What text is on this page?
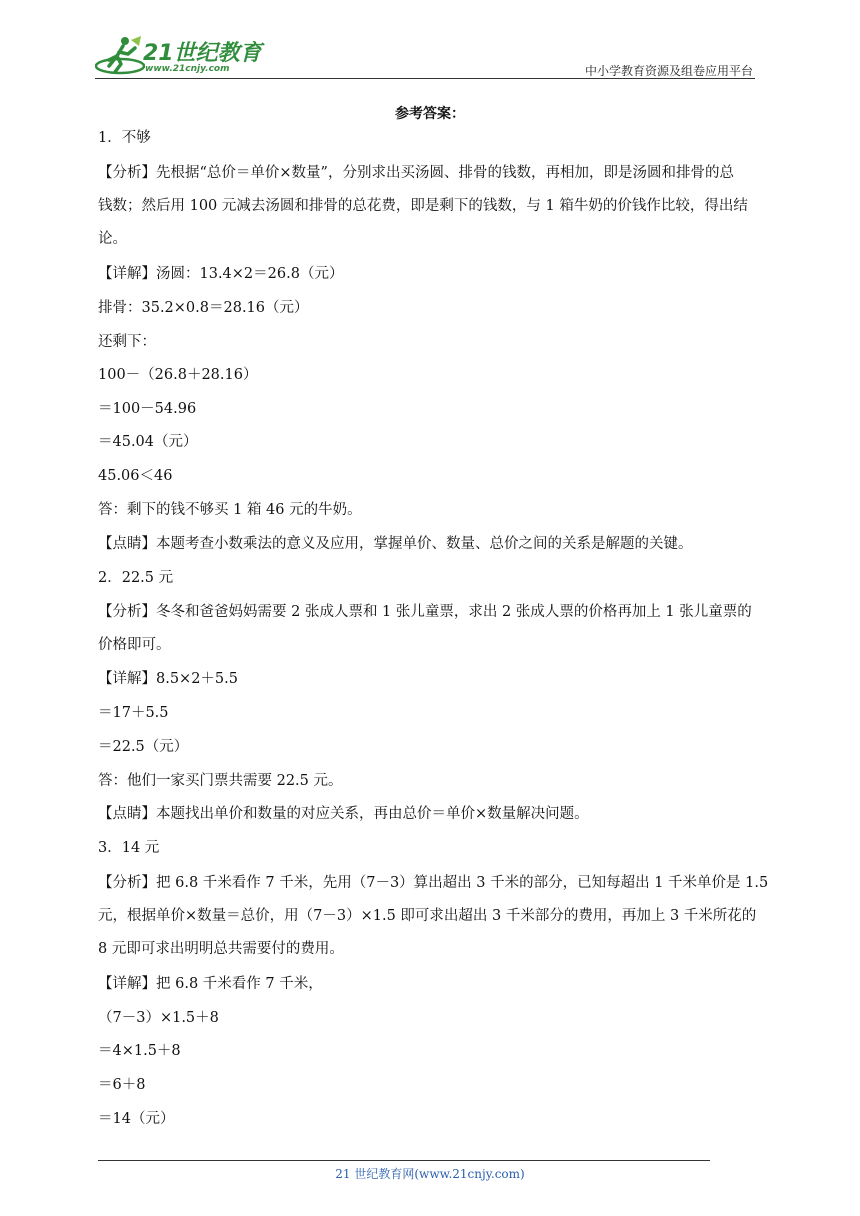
21世纪教育
www.21cnjy.com	中小学教育资源及组卷应用平台
参考答案：
1．不够
【分析】先根据“总价＝单价×数量”，分别求出买汤圆、排骨的钱数，再相加，即是汤圆和排骨的总
钱数；然后用 100 元减去汤圆和排骨的总花费，即是剩下的钱数，与 1 箱牛奶的价钱作比较，得出结
论。
【详解】汤圆：13.4×2＝26.8（元）
排骨：35.2×0.8＝28.16（元）
还剩下：
100－（26.8＋28.16）
＝100－54.96
＝45.04（元）
45.06＜46
答：剩下的钱不够买 1 箱 46 元的牛奶。
【点睛】本题考查小数乘法的意义及应用，掌握单价、数量、总价之间的关系是解题的关键。
2．22.5 元
【分析】冬冬和爸爸妈妈需要 2 张成人票和 1 张儿童票，求出 2 张成人票的价格再加上 1 张儿童票的
价格即可。
【详解】8.5×2＋5.5
＝17＋5.5
＝22.5（元）
答：他们一家买门票共需要 22.5 元。
【点睛】本题找出单价和数量的对应关系，再由总价＝单价×数量解决问题。
3．14 元
【分析】把 6.8 千米看作 7 千米，先用（7－3）算出超出 3 千米的部分，已知每超出 1 千米单价是 1.5
元，根据单价×数量＝总价，用（7－3）×1.5 即可求出超出 3 千米部分的费用，再加上 3 千米所花的
8 元即可求出明明总共需要付的费用。
【详解】把 6.8 千米看作 7 千米，
（7－3）×1.5＋8
＝4×1.5＋8
＝6＋8
＝14（元）
21 世纪教育网(www.21cnjy.com)
